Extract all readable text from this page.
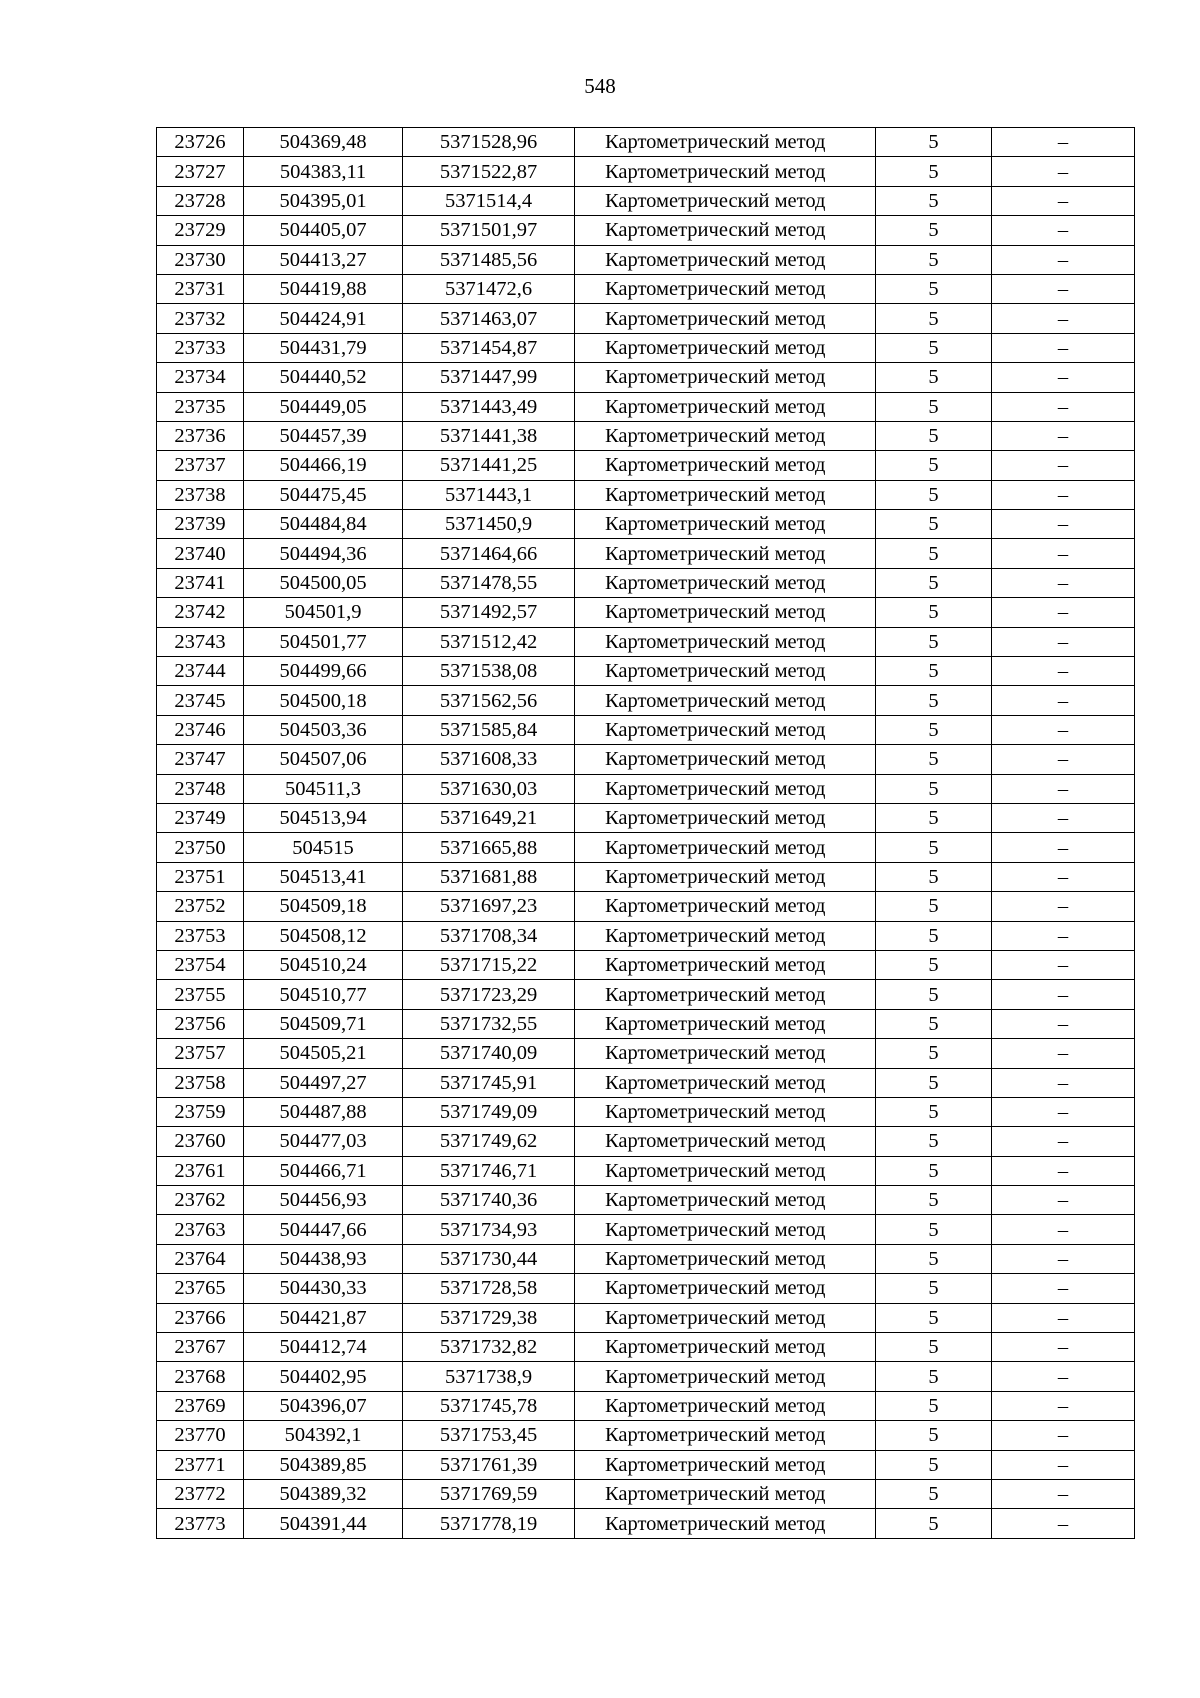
548
23726	504369,48	5371528,96	Картометрический метод	5	–
23727	504383,11	5371522,87	Картометрический метод	5	–
23728	504395,01	5371514,4	Картометрический метод	5	–
23729	504405,07	5371501,97	Картометрический метод	5	–
23730	504413,27	5371485,56	Картометрический метод	5	–
23731	504419,88	5371472,6	Картометрический метод	5	–
23732	504424,91	5371463,07	Картометрический метод	5	–
23733	504431,79	5371454,87	Картометрический метод	5	–
23734	504440,52	5371447,99	Картометрический метод	5	–
23735	504449,05	5371443,49	Картометрический метод	5	–
23736	504457,39	5371441,38	Картометрический метод	5	–
23737	504466,19	5371441,25	Картометрический метод	5	–
23738	504475,45	5371443,1	Картометрический метод	5	–
23739	504484,84	5371450,9	Картометрический метод	5	–
23740	504494,36	5371464,66	Картометрический метод	5	–
23741	504500,05	5371478,55	Картометрический метод	5	–
23742	504501,9	5371492,57	Картометрический метод	5	–
23743	504501,77	5371512,42	Картометрический метод	5	–
23744	504499,66	5371538,08	Картометрический метод	5	–
23745	504500,18	5371562,56	Картометрический метод	5	–
23746	504503,36	5371585,84	Картометрический метод	5	–
23747	504507,06	5371608,33	Картометрический метод	5	–
23748	504511,3	5371630,03	Картометрический метод	5	–
23749	504513,94	5371649,21	Картометрический метод	5	–
23750	504515	5371665,88	Картометрический метод	5	–
23751	504513,41	5371681,88	Картометрический метод	5	–
23752	504509,18	5371697,23	Картометрический метод	5	–
23753	504508,12	5371708,34	Картометрический метод	5	–
23754	504510,24	5371715,22	Картометрический метод	5	–
23755	504510,77	5371723,29	Картометрический метод	5	–
23756	504509,71	5371732,55	Картометрический метод	5	–
23757	504505,21	5371740,09	Картометрический метод	5	–
23758	504497,27	5371745,91	Картометрический метод	5	–
23759	504487,88	5371749,09	Картометрический метод	5	–
23760	504477,03	5371749,62	Картометрический метод	5	–
23761	504466,71	5371746,71	Картометрический метод	5	–
23762	504456,93	5371740,36	Картометрический метод	5	–
23763	504447,66	5371734,93	Картометрический метод	5	–
23764	504438,93	5371730,44	Картометрический метод	5	–
23765	504430,33	5371728,58	Картометрический метод	5	–
23766	504421,87	5371729,38	Картометрический метод	5	–
23767	504412,74	5371732,82	Картометрический метод	5	–
23768	504402,95	5371738,9	Картометрический метод	5	–
23769	504396,07	5371745,78	Картометрический метод	5	–
23770	504392,1	5371753,45	Картометрический метод	5	–
23771	504389,85	5371761,39	Картометрический метод	5	–
23772	504389,32	5371769,59	Картометрический метод	5	–
23773	504391,44	5371778,19	Картометрический метод	5	–
